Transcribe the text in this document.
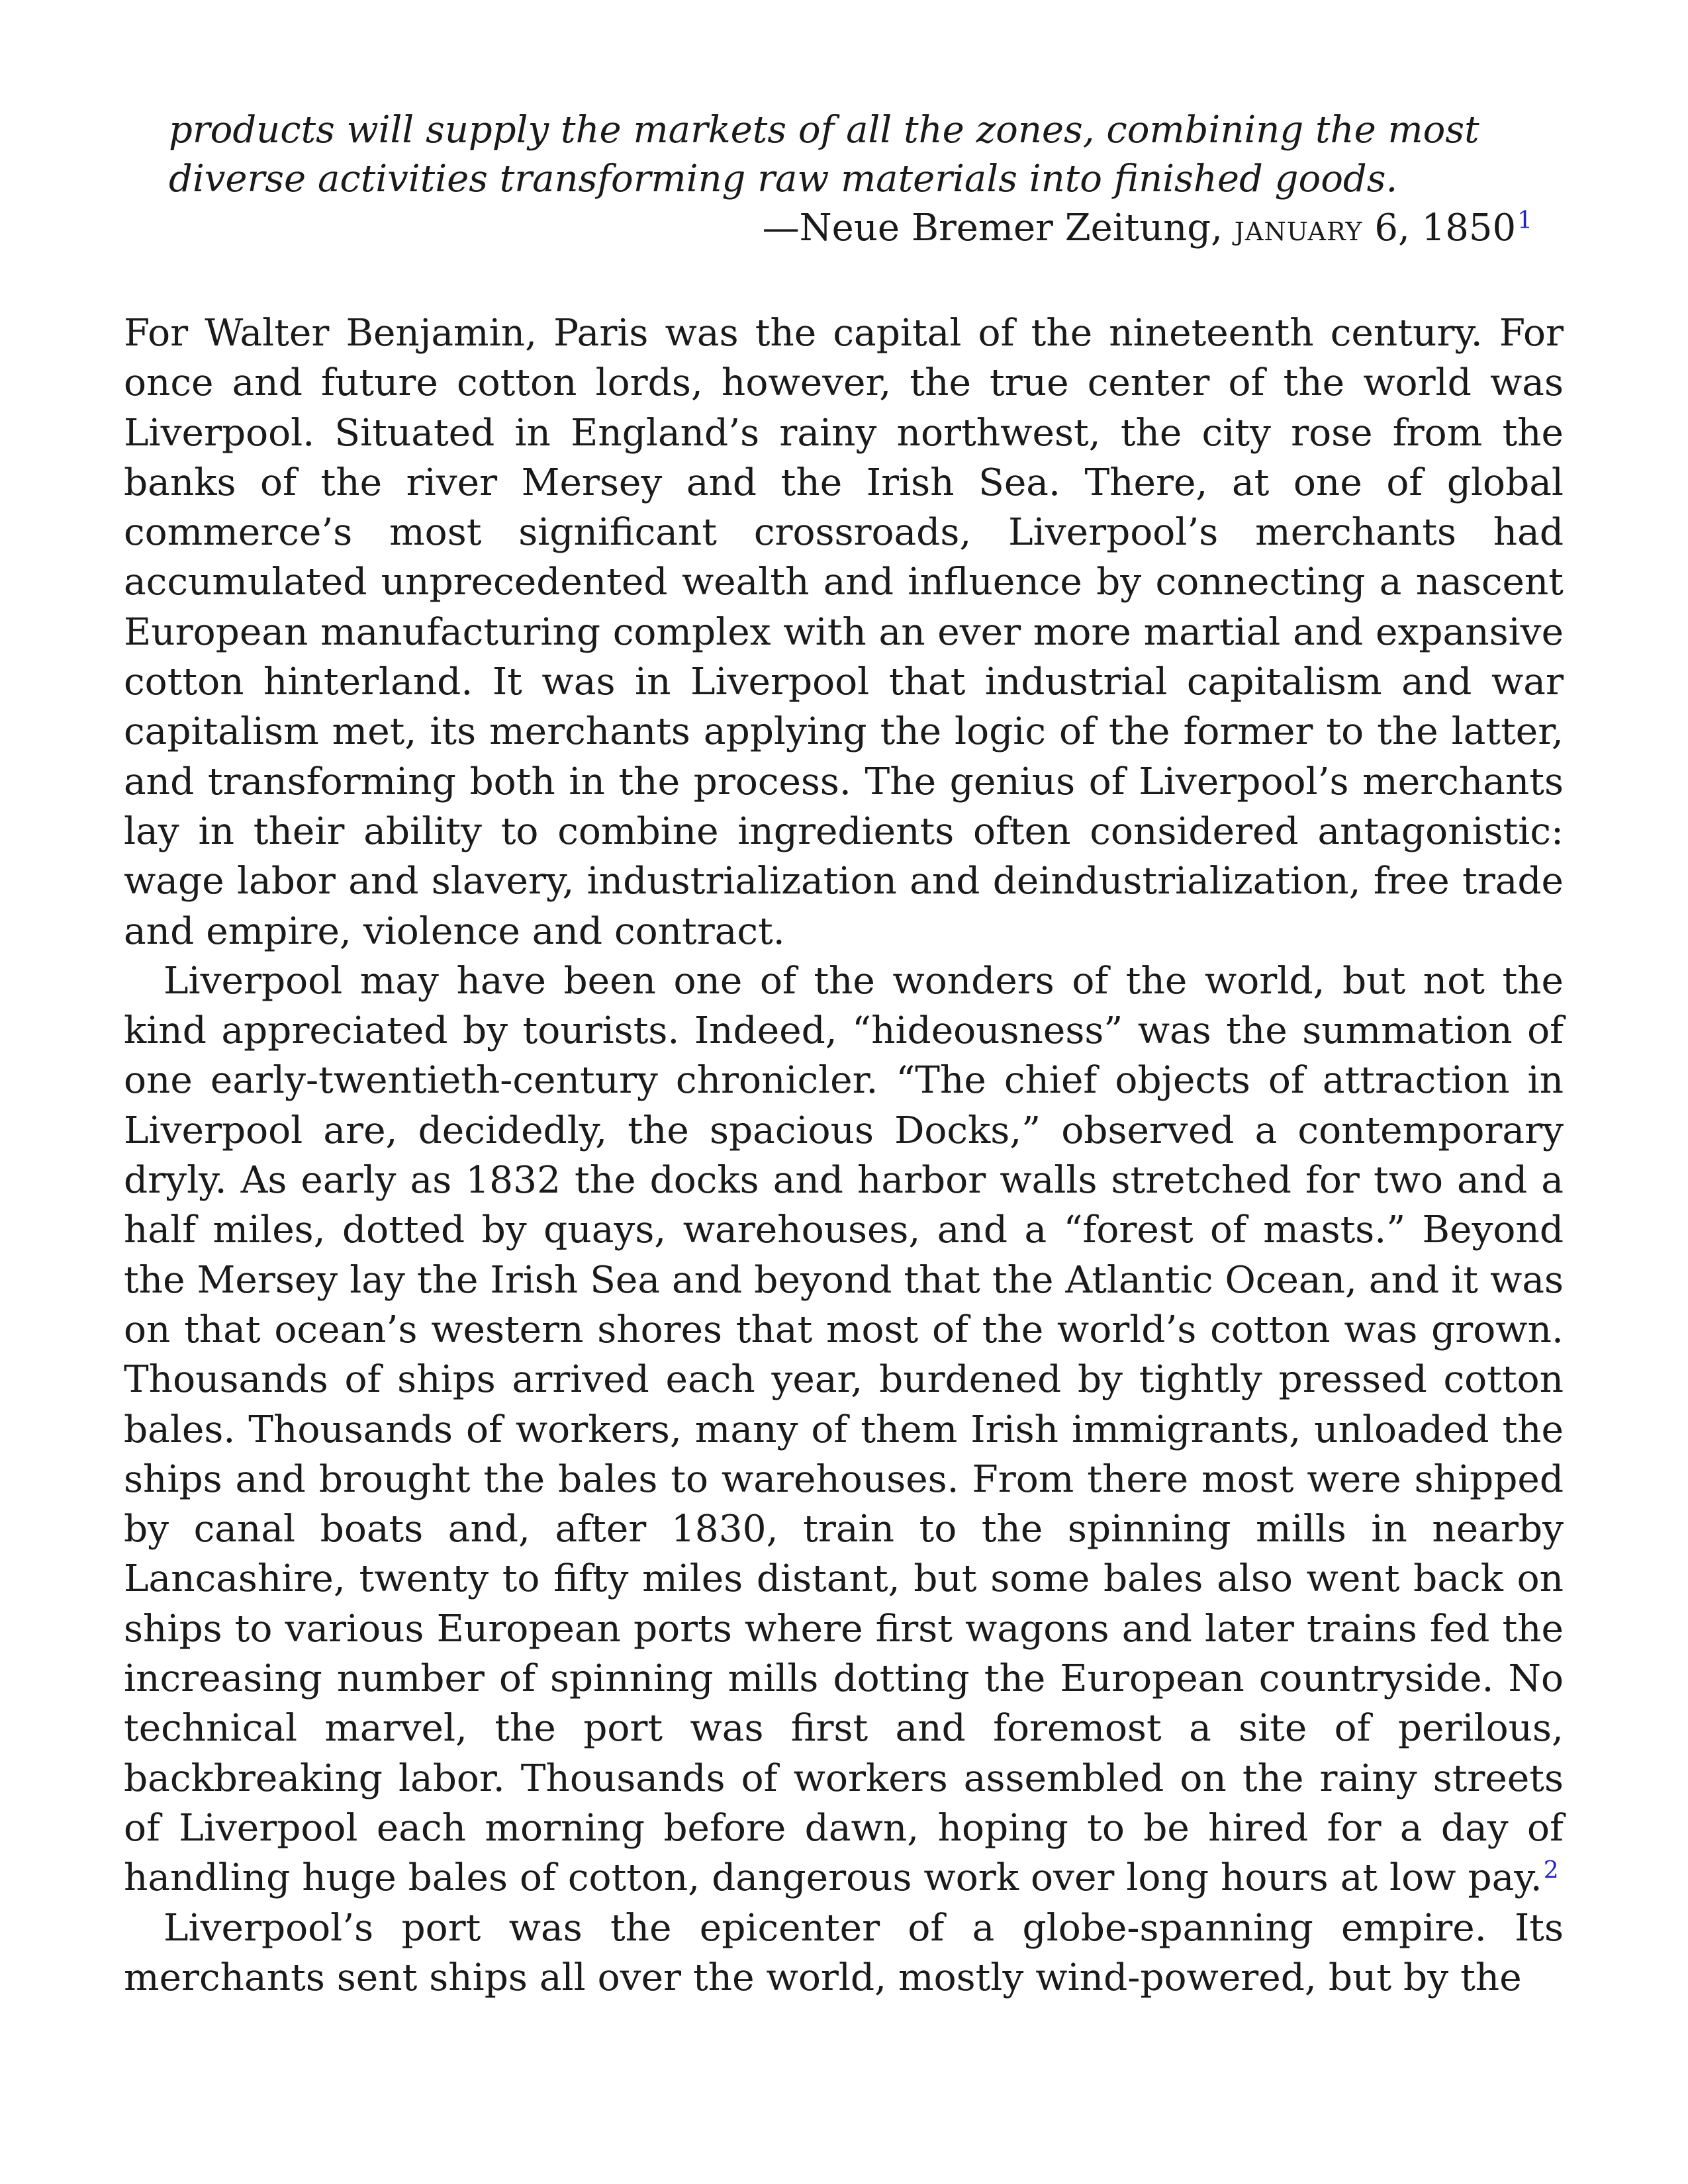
products will supply the markets of all the zones, combining the most diverse activities transforming raw materials into finished goods.

—Neue Bremer Zeitung, JANUARY 6, 1850$^1$

For Walter Benjamin, Paris was the capital of the nineteenth century. For once and future cotton lords, however, the true center of the world was Liverpool. Situated in England’s rainy northwest, the city rose from the banks of the river Mersey and the Irish Sea. There, at one of global commerce’s most significant crossroads, Liverpool’s merchants had accumulated unprecedented wealth and influence by connecting a nascent European manufacturing complex with an ever more martial and expansive cotton hinterland. It was in Liverpool that industrial capitalism and war capitalism met, its merchants applying the logic of the former to the latter, and transforming both in the process. The genius of Liverpool’s merchants lay in their ability to combine ingredients often considered antagonistic: wage labor and slavery, industrialization and deindustrialization, free trade and empire, violence and contract.

Liverpool may have been one of the wonders of the world, but not the kind appreciated by tourists. Indeed, “hideousness” was the summation of one early-twentieth-century chronicler. “The chief objects of attraction in Liverpool are, decidedly, the spacious Docks,” observed a contemporary dryly. As early as 1832 the docks and harbor walls stretched for two and a half miles, dotted by quays, warehouses, and a “forest of masts.” Beyond the Mersey lay the Irish Sea and beyond that the Atlantic Ocean, and it was on that ocean’s western shores that most of the world’s cotton was grown. Thousands of ships arrived each year, burdened by tightly pressed cotton bales. Thousands of workers, many of them Irish immigrants, unloaded the ships and brought the bales to warehouses. From there most were shipped by canal boats and, after 1830, train to the spinning mills in nearby Lancashire, twenty to fifty miles distant, but some bales also went back on ships to various European ports where first wagons and later trains fed the increasing number of spinning mills dotting the European countryside. No technical marvel, the port was first and foremost a site of perilous, backbreaking labor. Thousands of workers assembled on the rainy streets of Liverpool each morning before dawn, hoping to be hired for a day of handling huge bales of cotton, dangerous work over long hours at low pay.$^2$

Liverpool’s port was the epicenter of a globe-spanning empire. Its merchants sent ships all over the world, mostly wind-powered, but by the
